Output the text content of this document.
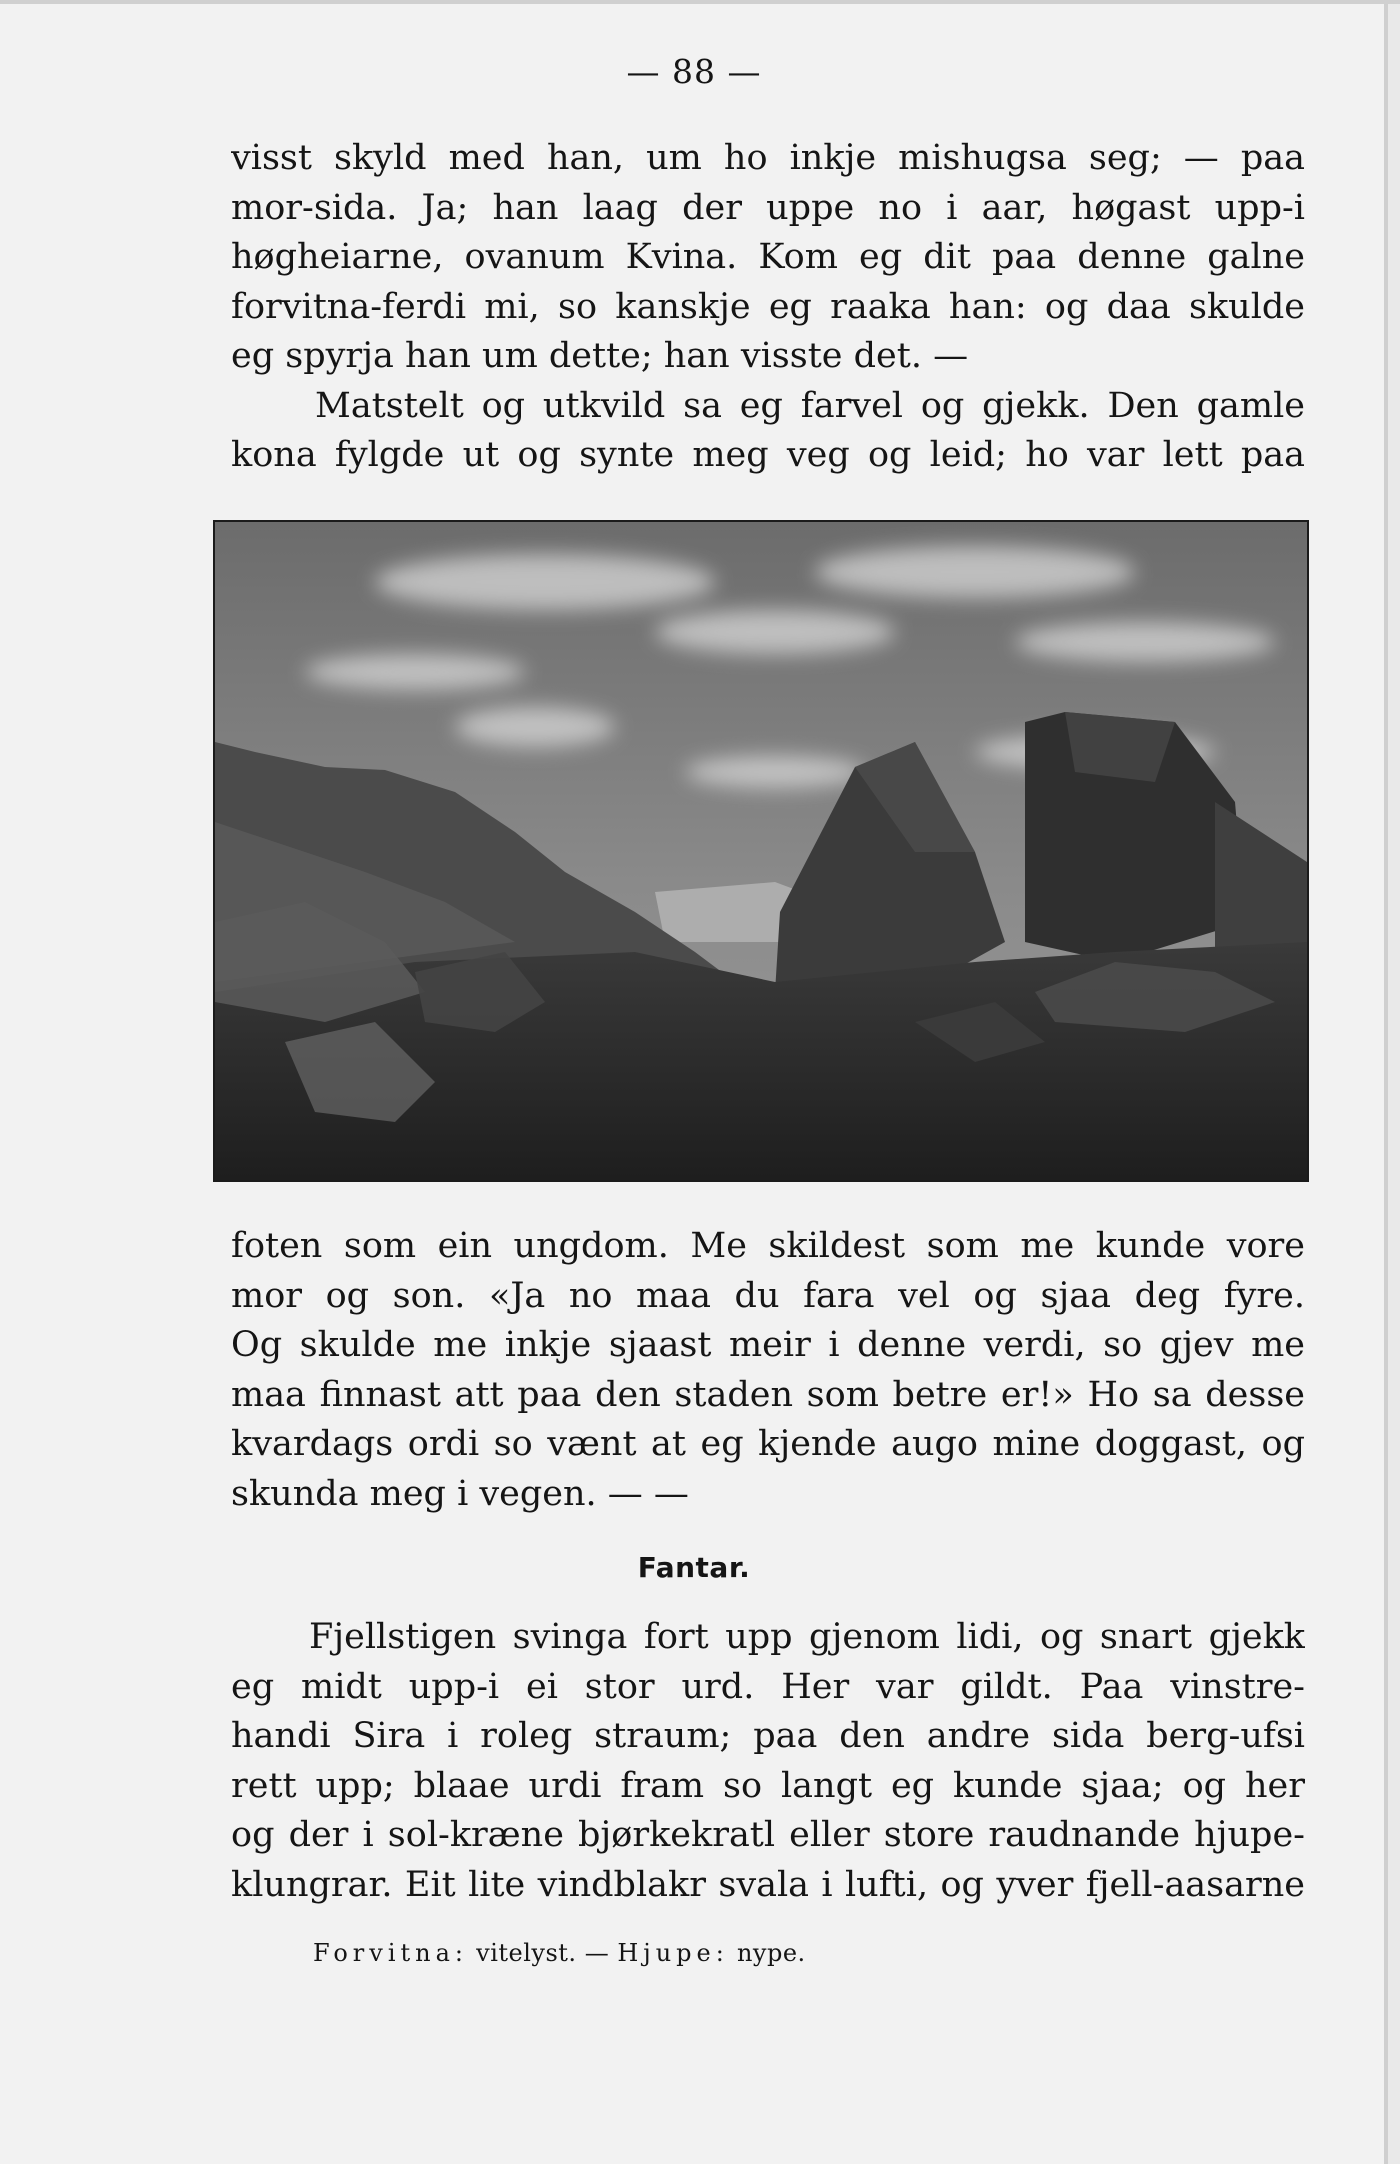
— 88 —
visst skyld med han, um ho inkje mishugsa seg; — paa
mor-sida. Ja; han laag der uppe no i aar, høgast upp-i
høgheiarne, ovanum Kvina. Kom eg dit paa denne galne
forvitna-ferdi mi, so kanskje eg raaka han: og daa skulde
eg spyrja han um dette; han visste det. —
Matstelt og utkvild sa eg farvel og gjekk. Den gamle
kona fylgde ut og synte meg veg og leid; ho var lett paa
foten som ein ungdom. Me skildest som me kunde vore
mor og son. «Ja no maa du fara vel og sjaa deg fyre.
Og skulde me inkje sjaast meir i denne verdi, so gjev me
maa finnast att paa den staden som betre er!» Ho sa desse
kvardags ordi so vænt at eg kjende augo mine doggast, og
skunda meg i vegen. — —
Fantar.
Fjellstigen svinga fort upp gjenom lidi, og snart gjekk
eg midt upp-i ei stor urd. Her var gildt. Paa vinstre-
handi Sira i roleg straum; paa den andre sida berg-ufsi
rett upp; blaae urdi fram so langt eg kunde sjaa; og her
og der i sol-kræne bjørkekratl eller store raudnande hjupe-
klungrar. Eit lite vindblakr svala i lufti, og yver fjell-aasarne
Forvitna: vitelyst. — Hjupe: nype.
